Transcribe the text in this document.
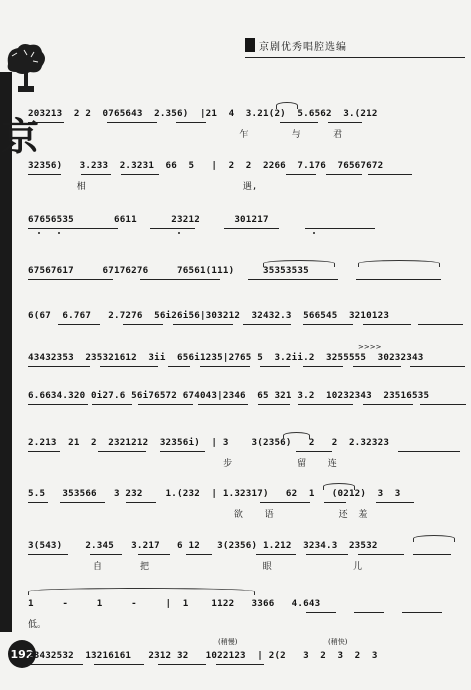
京剧优秀唱腔选编
京
192
203213  2 2  0765643  2.356)  |21  4  3.21(2)  5.6562  3.(212
乍        与      君
32356)   3.233  2.3231  66  5   |  2  2  2266  7.176  76567672
相                             遇,
67656535       6611      23212      301217
67567617     67176276     76561(111)     35353535
6(67  6.767   2.7276  56i26i56|303212  32432.3  566545  3210123
43432353  235321612  3ii  656i1235|2765 5  3.2ii.2  3255555  30232343
>>>>
6.6634.320 0i27.6 56i76572 674043|2346  65 321 3.2  10232343  23516535
2.213  21  2  2321212  32356i)  | 3    3(2356)   2   2  2.32323
步            留    连
5.5   353566   3 232    1.(232  | 1.32317)   62  1   (0212)  3  3
欲    语            还  羞
3(543)    2.345   3.217   6 12   3(2356) 1.212  3234.3  23532
自       把                     眼               儿
1     -     1     -     |  1    1122   3366   4.643
低。
23432532  13216161   2312 32   1022123  | 2(2   3  2  3  2  3
(稍慢)	(稍快)
